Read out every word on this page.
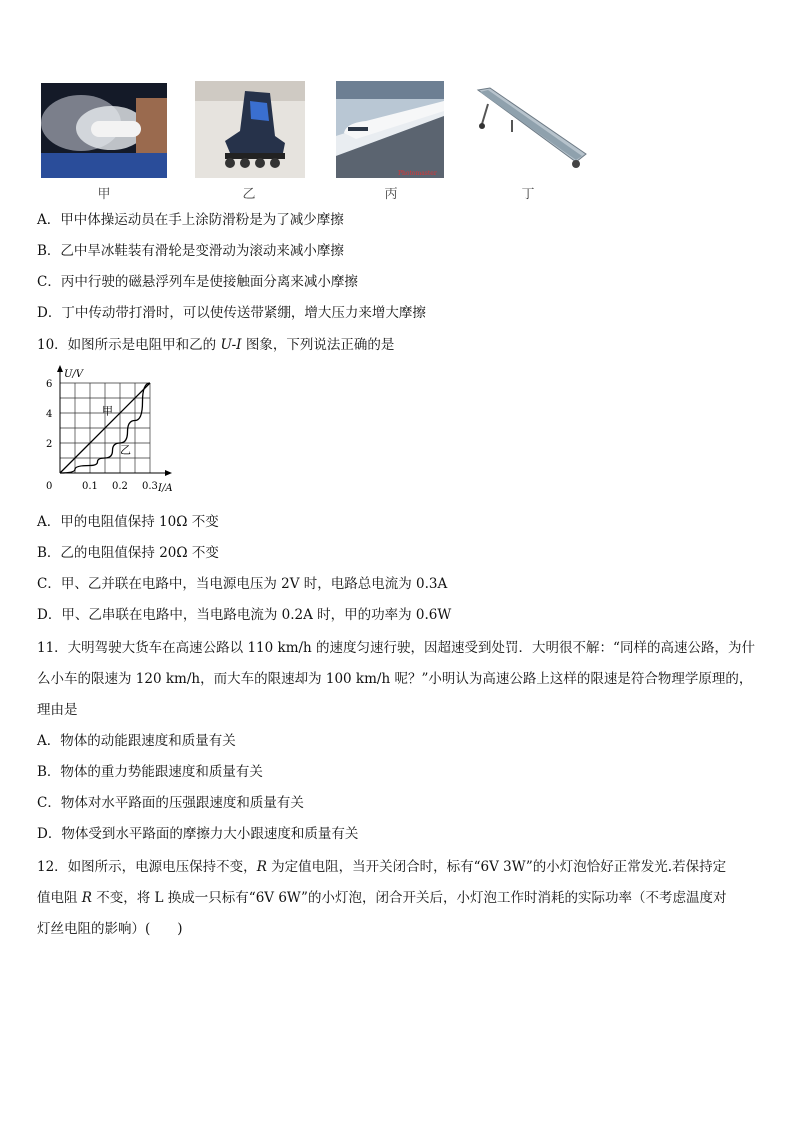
Photomaster
甲	乙	丙	丁
A．甲中体操运动员在手上涂防滑粉是为了减少摩擦
B．乙中旱冰鞋装有滑轮是变滑动为滚动来减小摩擦
C．丙中行驶的磁悬浮列车是使接触面分离来减小摩擦
D．丁中传动带打滑时，可以使传送带紧绷，增大压力来增大摩擦
10．如图所示是电阻甲和乙的 U-I 图象，下列说法正确的是
0.1 0.2 0.3
2
4
6
0
U/V
I/A
甲
乙
A．甲的电阻值保持 10Ω 不变
B．乙的电阻值保持 20Ω 不变
C．甲、乙并联在电路中，当电源电压为 2V 时，电路总电流为 0.3A
D．甲、乙串联在电路中，当电路电流为 0.2A 时，甲的功率为 0.6W
11．大明驾驶大货车在高速公路以 110 km/h 的速度匀速行驶，因超速受到处罚．大明很不解：“同样的高速公路，为什
么小车的限速为 120 km/h，而大车的限速却为 100 km/h 呢？”小明认为高速公路上这样的限速是符合物理学原理的，
理由是
A．物体的动能跟速度和质量有关
B．物体的重力势能跟速度和质量有关
C．物体对水平路面的压强跟速度和质量有关
D．物体受到水平路面的摩擦力大小跟速度和质量有关
12．如图所示，电源电压保持不变，R 为定值电阻，当开关闭合时，标有“6V 3W”的小灯泡恰好正常发光.若保持定
值电阻 R 不变，将 L 换成一只标有“6V 6W”的小灯泡，闭合开关后，小灯泡工作时消耗的实际功率（不考虑温度对
灯丝电阻的影响）(　　)
